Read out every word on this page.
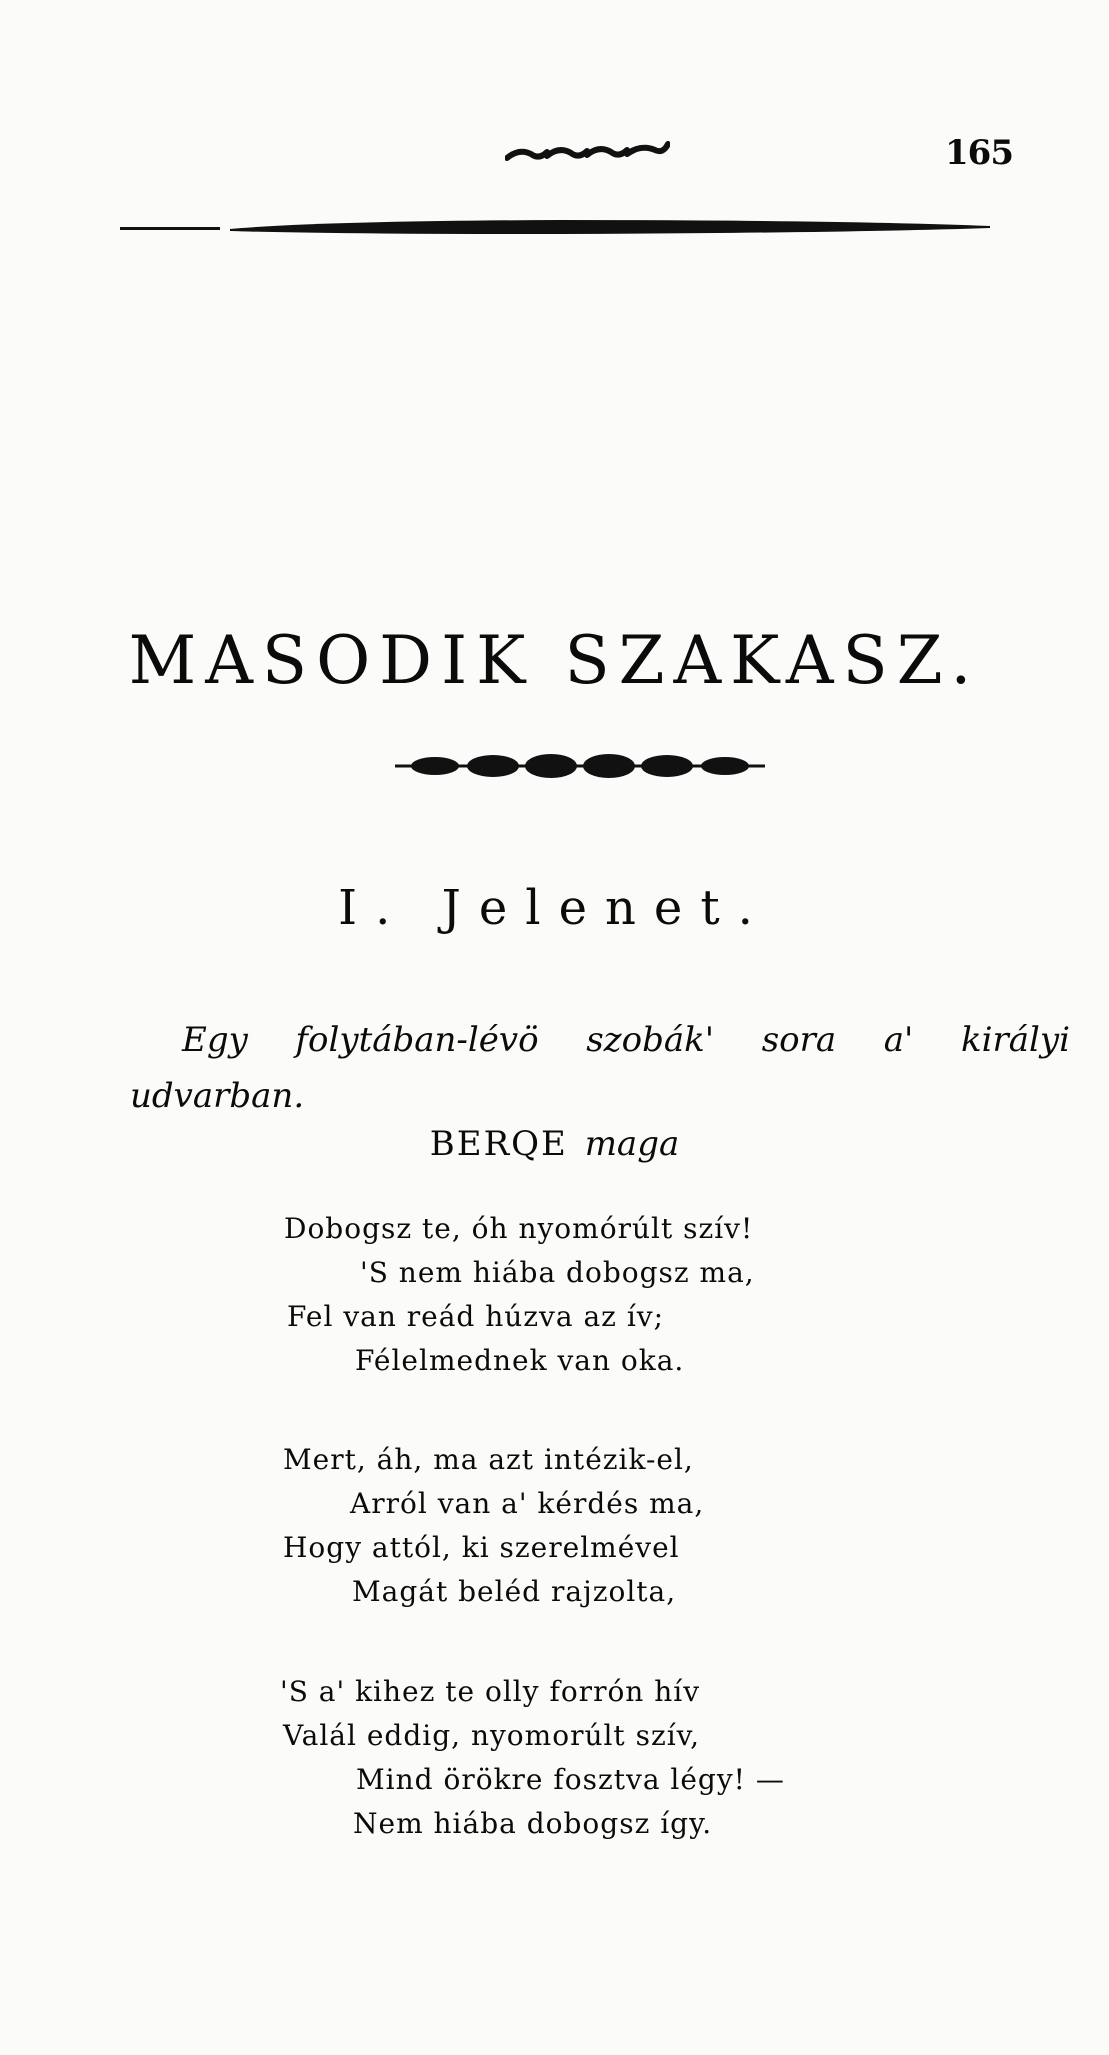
165
MASODIK SZAKASZ.
I. Jelenet.

Egy folytában-lévö szobák' sora a' királyi udvarban.

BERQE maga
Dobogsz te, óh nyomórúlt szív!
'S nem hiába dobogsz ma,
Fel van reád húzva az ív;
Félelmednek van oka.
Mert, áh, ma azt intézik-el,
Arról van a' kérdés ma,
Hogy attól, ki szerelmével
Magát beléd rajzolta,
'S a' kihez te olly forrón hív
Valál eddig, nyomorúlt szív,
Mind örökre fosztva légy! —
Nem hiába dobogsz így.
